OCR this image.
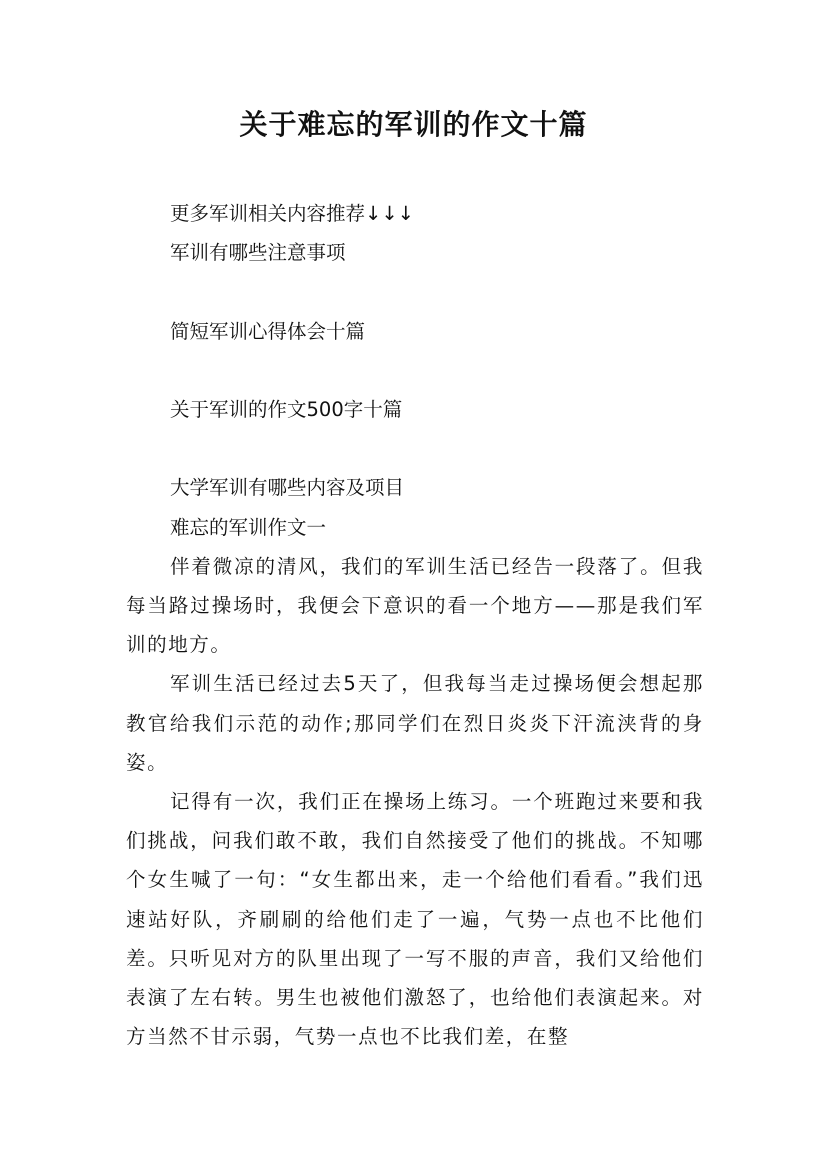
关于难忘的军训的作文十篇

更多军训相关内容推荐↓↓↓

军训有哪些注意事项

简短军训心得体会十篇

关于军训的作文500字十篇

大学军训有哪些内容及项目

难忘的军训作文一

伴着微凉的清风，我们的军训生活已经告一段落了。但我每当路过操场时，我便会下意识的看一个地方——那是我们军训的地方。

军训生活已经过去5天了，但我每当走过操场便会想起那教官给我们示范的动作;那同学们在烈日炎炎下汗流浃背的身姿。

记得有一次，我们正在操场上练习。一个班跑过来要和我们挑战，问我们敢不敢，我们自然接受了他们的挑战。不知哪个女生喊了一句：“女生都出来，走一个给他们看看。”我们迅速站好队，齐刷刷的给他们走了一遍，气势一点也不比他们差。只听见对方的队里出现了一写不服的声音，我们又给他们表演了左右转。男生也被他们激怒了，也给他们表演起来。对方当然不甘示弱，气势一点也不比我们差，在整
